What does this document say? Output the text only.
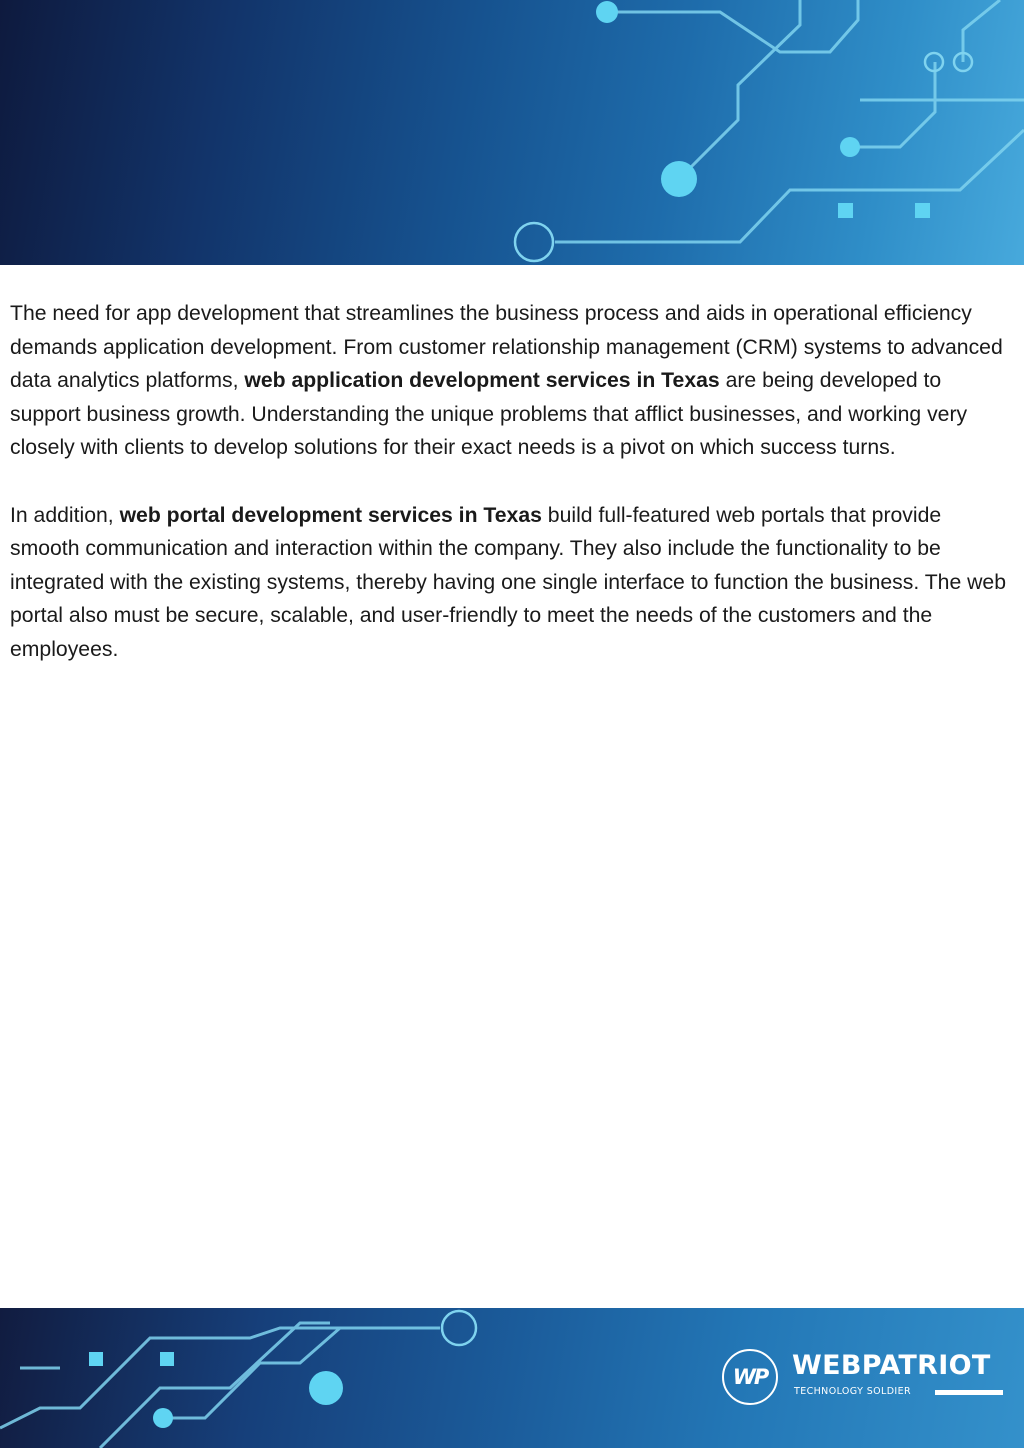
The need for app development that streamlines the business process and aids in operational efficiency demands application development. From customer relationship management (CRM) systems to advanced data analytics platforms, web application development services in Texas are being developed to support business growth. Understanding the unique problems that afflict businesses, and working very closely with clients to develop solutions for their exact needs is a pivot on which success turns.

In addition, web portal development services in Texas build full-featured web portals that provide smooth communication and interaction within the company. They also include the functionality to be integrated with the existing systems, thereby having one single interface to function the business. The web portal also must be secure, scalable, and user-friendly to meet the needs of the customers and the employees.

WP WEBPATRIOT
TECHNOLOGY SOLDIER
